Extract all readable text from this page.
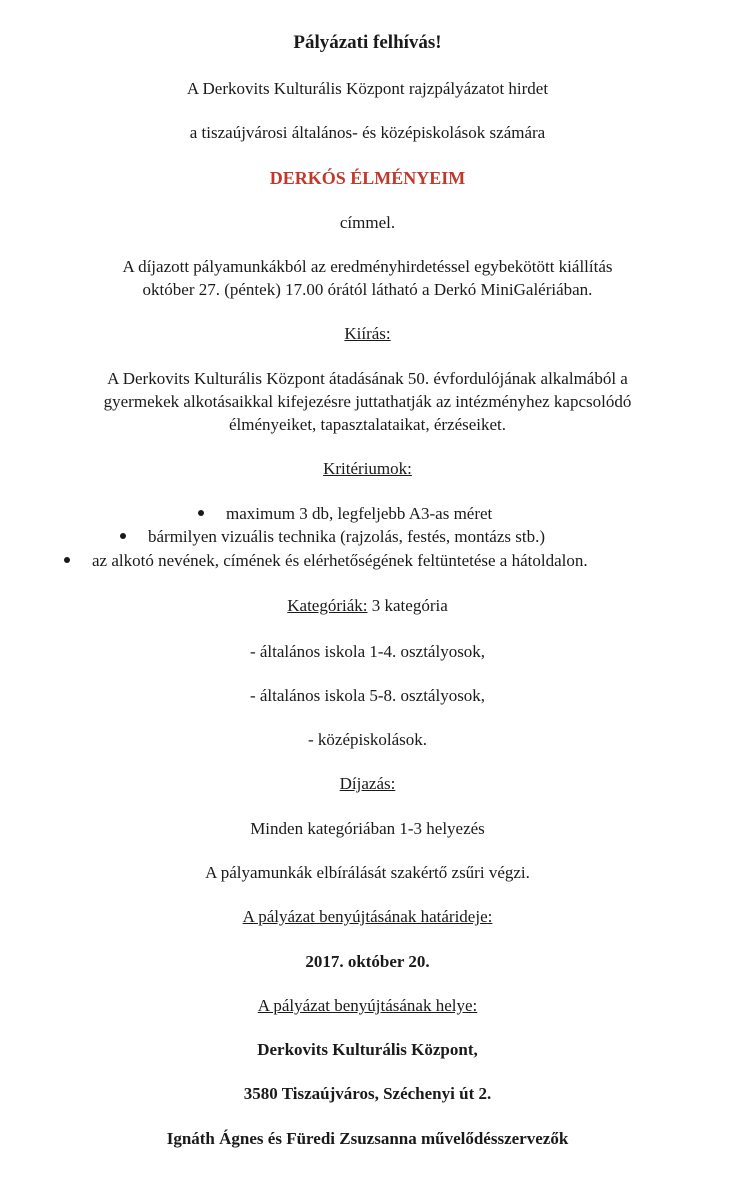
Pályázati felhívás!
A Derkovits Kulturális Központ rajzpályázatot hirdet
a tiszaújvárosi általános- és középiskolások számára
DERKÓS ÉLMÉNYEIM
címmel.
A díjazott pályamunkákból az eredményhirdetéssel egybekötött kiállítás
október 27. (péntek) 17.00 órától látható a Derkó MiniGalériában.
Kiírás:
A Derkovits Kulturális Központ átadásának 50. évfordulójának alkalmából a
gyermekek alkotásaikkal kifejezésre juttathatják az intézményhez kapcsolódó
élményeiket, tapasztalataikat, érzéseiket.
Kritériumok:
maximum 3 db, legfeljebb A3-as méret
bármilyen vizuális technika (rajzolás, festés, montázs stb.)
az alkotó nevének, címének és elérhetőségének feltüntetése a hátoldalon.
Kategóriák: 3 kategória
- általános iskola 1-4. osztályosok,
- általános iskola 5-8. osztályosok,
- középiskolások.
Díjazás:
Minden kategóriában 1-3 helyezés
A pályamunkák elbírálását szakértő zsűri végzi.
A pályázat benyújtásának határideje:
2017. október 20.
A pályázat benyújtásának helye:
Derkovits Kulturális Központ,
3580 Tiszaújváros, Széchenyi út 2.
Ignáth Ágnes és Füredi Zsuzsanna művelődésszervezők
